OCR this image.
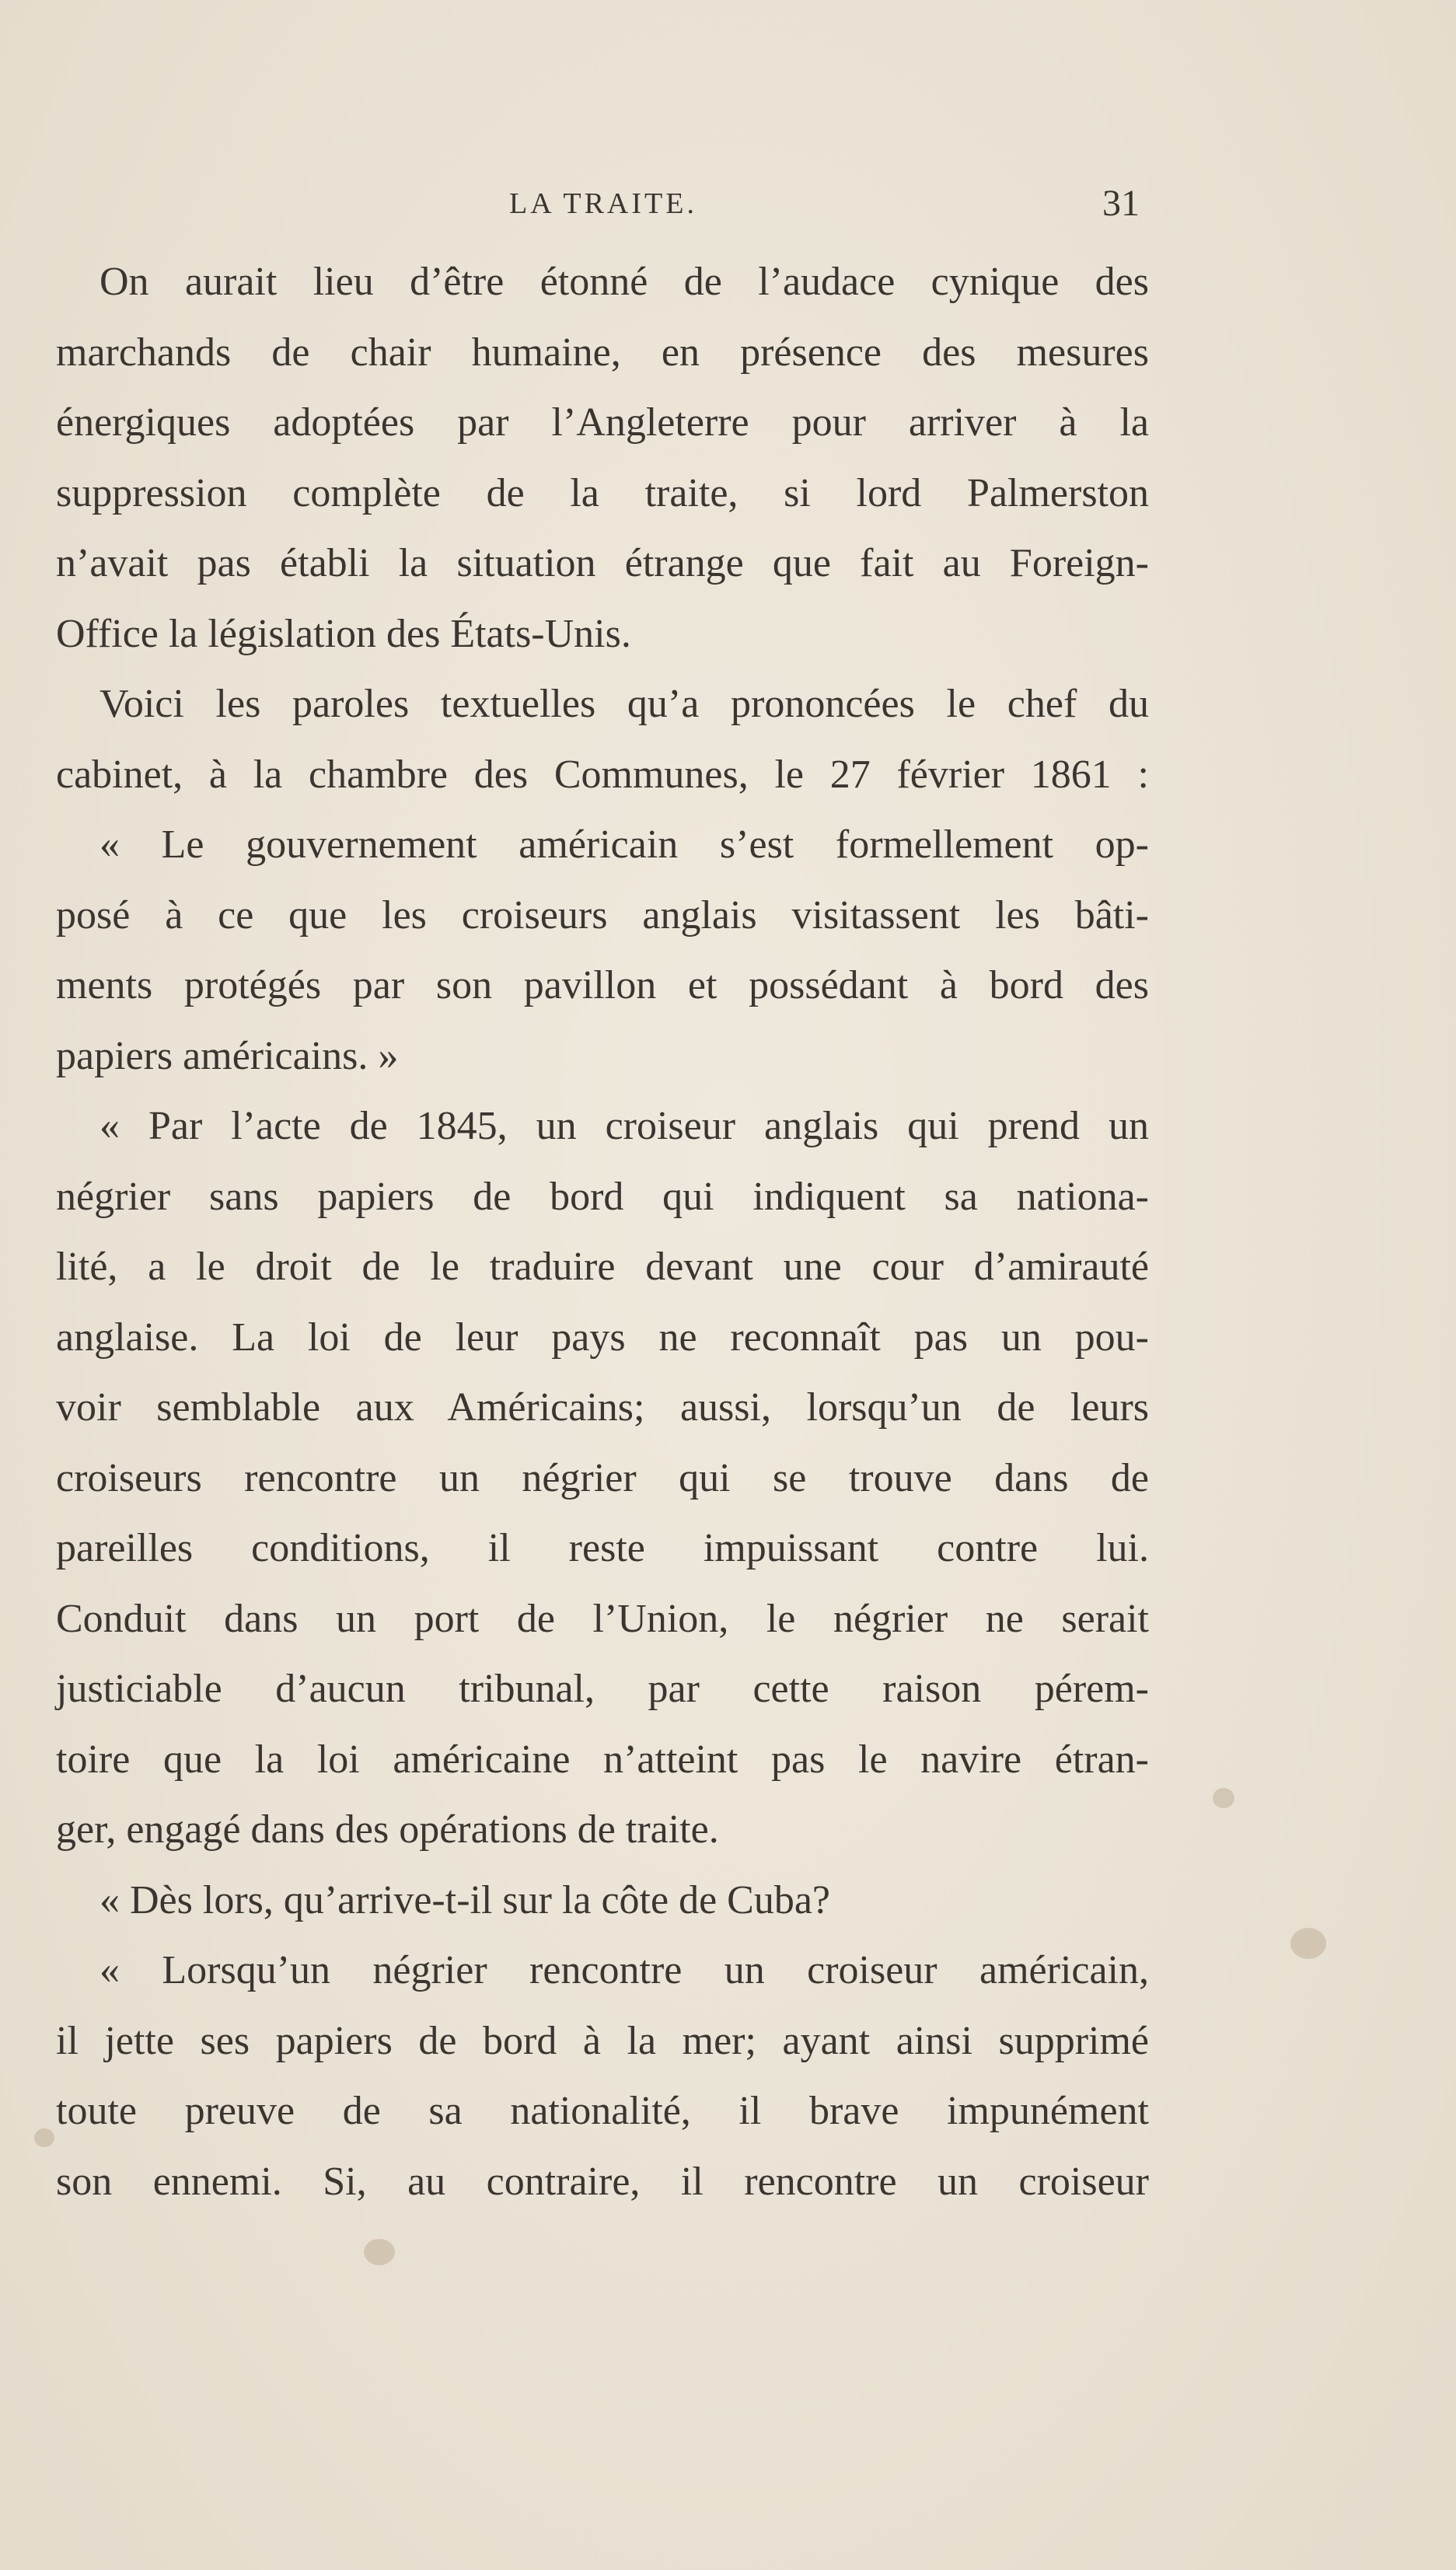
LA TRAITE.	31
On aurait lieu d’être étonné de l’audace cynique des
marchands de chair humaine, en présence des mesures
énergiques adoptées par l’Angleterre pour arriver à la
suppression complète de la traite, si lord Palmerston
n’avait pas établi la situation étrange que fait au Foreign-
Office la législation des États-Unis.
Voici les paroles textuelles qu’a prononcées le chef du
cabinet, à la chambre des Communes, le 27 février 1861 :
« Le gouvernement américain s’est formellement op-
posé à ce que les croiseurs anglais visitassent les bâti-
ments protégés par son pavillon et possédant à bord des
papiers américains. »
« Par l’acte de 1845, un croiseur anglais qui prend un
négrier sans papiers de bord qui indiquent sa nationa-
lité, a le droit de le traduire devant une cour d’amirauté
anglaise. La loi de leur pays ne reconnaît pas un pou-
voir semblable aux Américains; aussi, lorsqu’un de leurs
croiseurs rencontre un négrier qui se trouve dans de
pareilles conditions, il reste impuissant contre lui.
Conduit dans un port de l’Union, le négrier ne serait
justiciable d’aucun tribunal, par cette raison pérem-
toire que la loi américaine n’atteint pas le navire étran-
ger, engagé dans des opérations de traite.
« Dès lors, qu’arrive-t-il sur la côte de Cuba?
« Lorsqu’un négrier rencontre un croiseur américain,
il jette ses papiers de bord à la mer; ayant ainsi supprimé
toute preuve de sa nationalité, il brave impunément
son ennemi. Si, au contraire, il rencontre un croiseur
